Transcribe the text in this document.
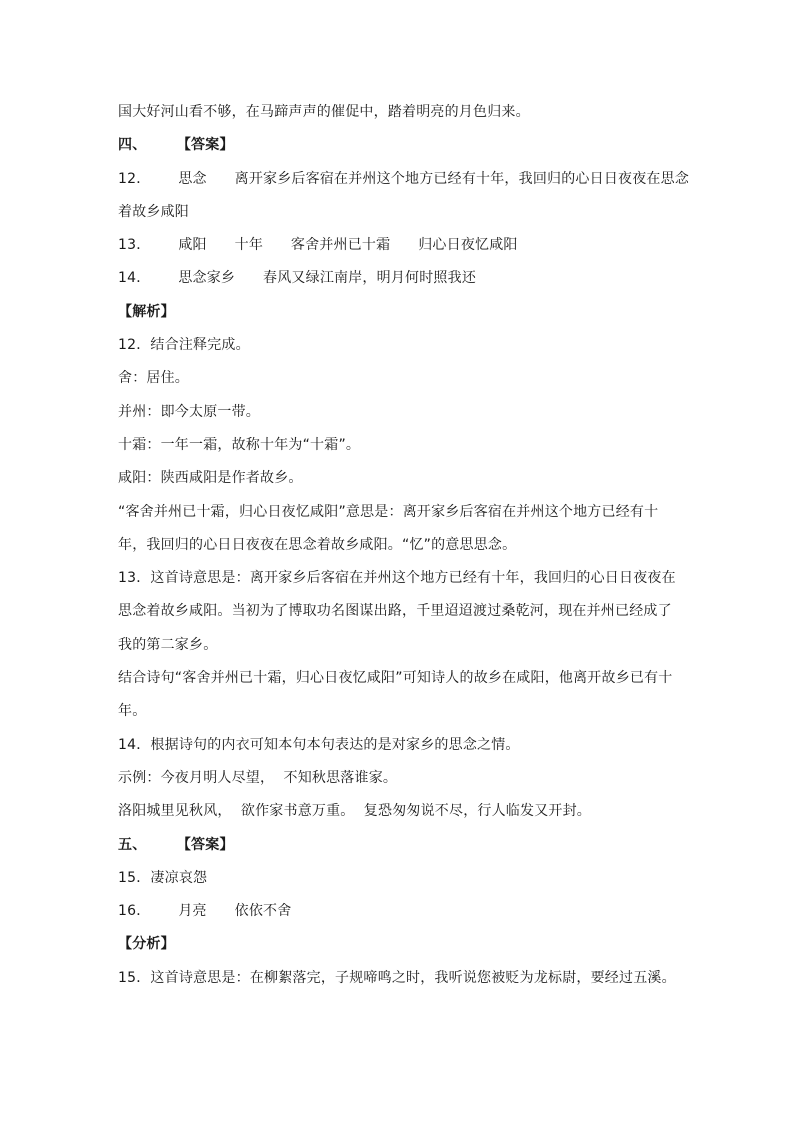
国大好河山看不够，在马蹄声声的催促中，踏着明亮的月色归来。
四、      【答案】
12．      思念      离开家乡后客宿在并州这个地方已经有十年，我回归的心日日夜夜在思念
着故乡咸阳
13．      咸阳      十年      客舍并州已十霜      归心日夜忆咸阳
14．      思念家乡      春风又绿江南岸，明月何时照我还
【解析】
12．结合注释完成。
舍：居住。
并州：即今太原一带。
十霜：一年一霜，故称十年为“十霜”。
咸阳：陕西咸阳是作者故乡。
“客舍并州已十霜，归心日夜忆咸阳”意思是：离开家乡后客宿在并州这个地方已经有十
年，我回归的心日日夜夜在思念着故乡咸阳。“忆”的意思思念。
13．这首诗意思是：离开家乡后客宿在并州这个地方已经有十年，我回归的心日日夜夜在
思念着故乡咸阳。当初为了博取功名图谋出路，千里迢迢渡过桑乾河，现在并州已经成了
我的第二家乡。
结合诗句“客舍并州已十霜，归心日夜忆咸阳”可知诗人的故乡在咸阳，他离开故乡已有十
年。
14．根据诗句的内衣可知本句本句表达的是对家乡的思念之情。
示例：今夜月明人尽望，  不知秋思落谁家。
洛阳城里见秋风，  欲作家书意万重。  复恐匆匆说不尽，行人临发又开封。
五、      【答案】
15．凄凉哀怨
16．      月亮      依依不舍
【分析】
15．这首诗意思是：在柳絮落完，子规啼鸣之时，我听说您被贬为龙标尉，要经过五溪。
